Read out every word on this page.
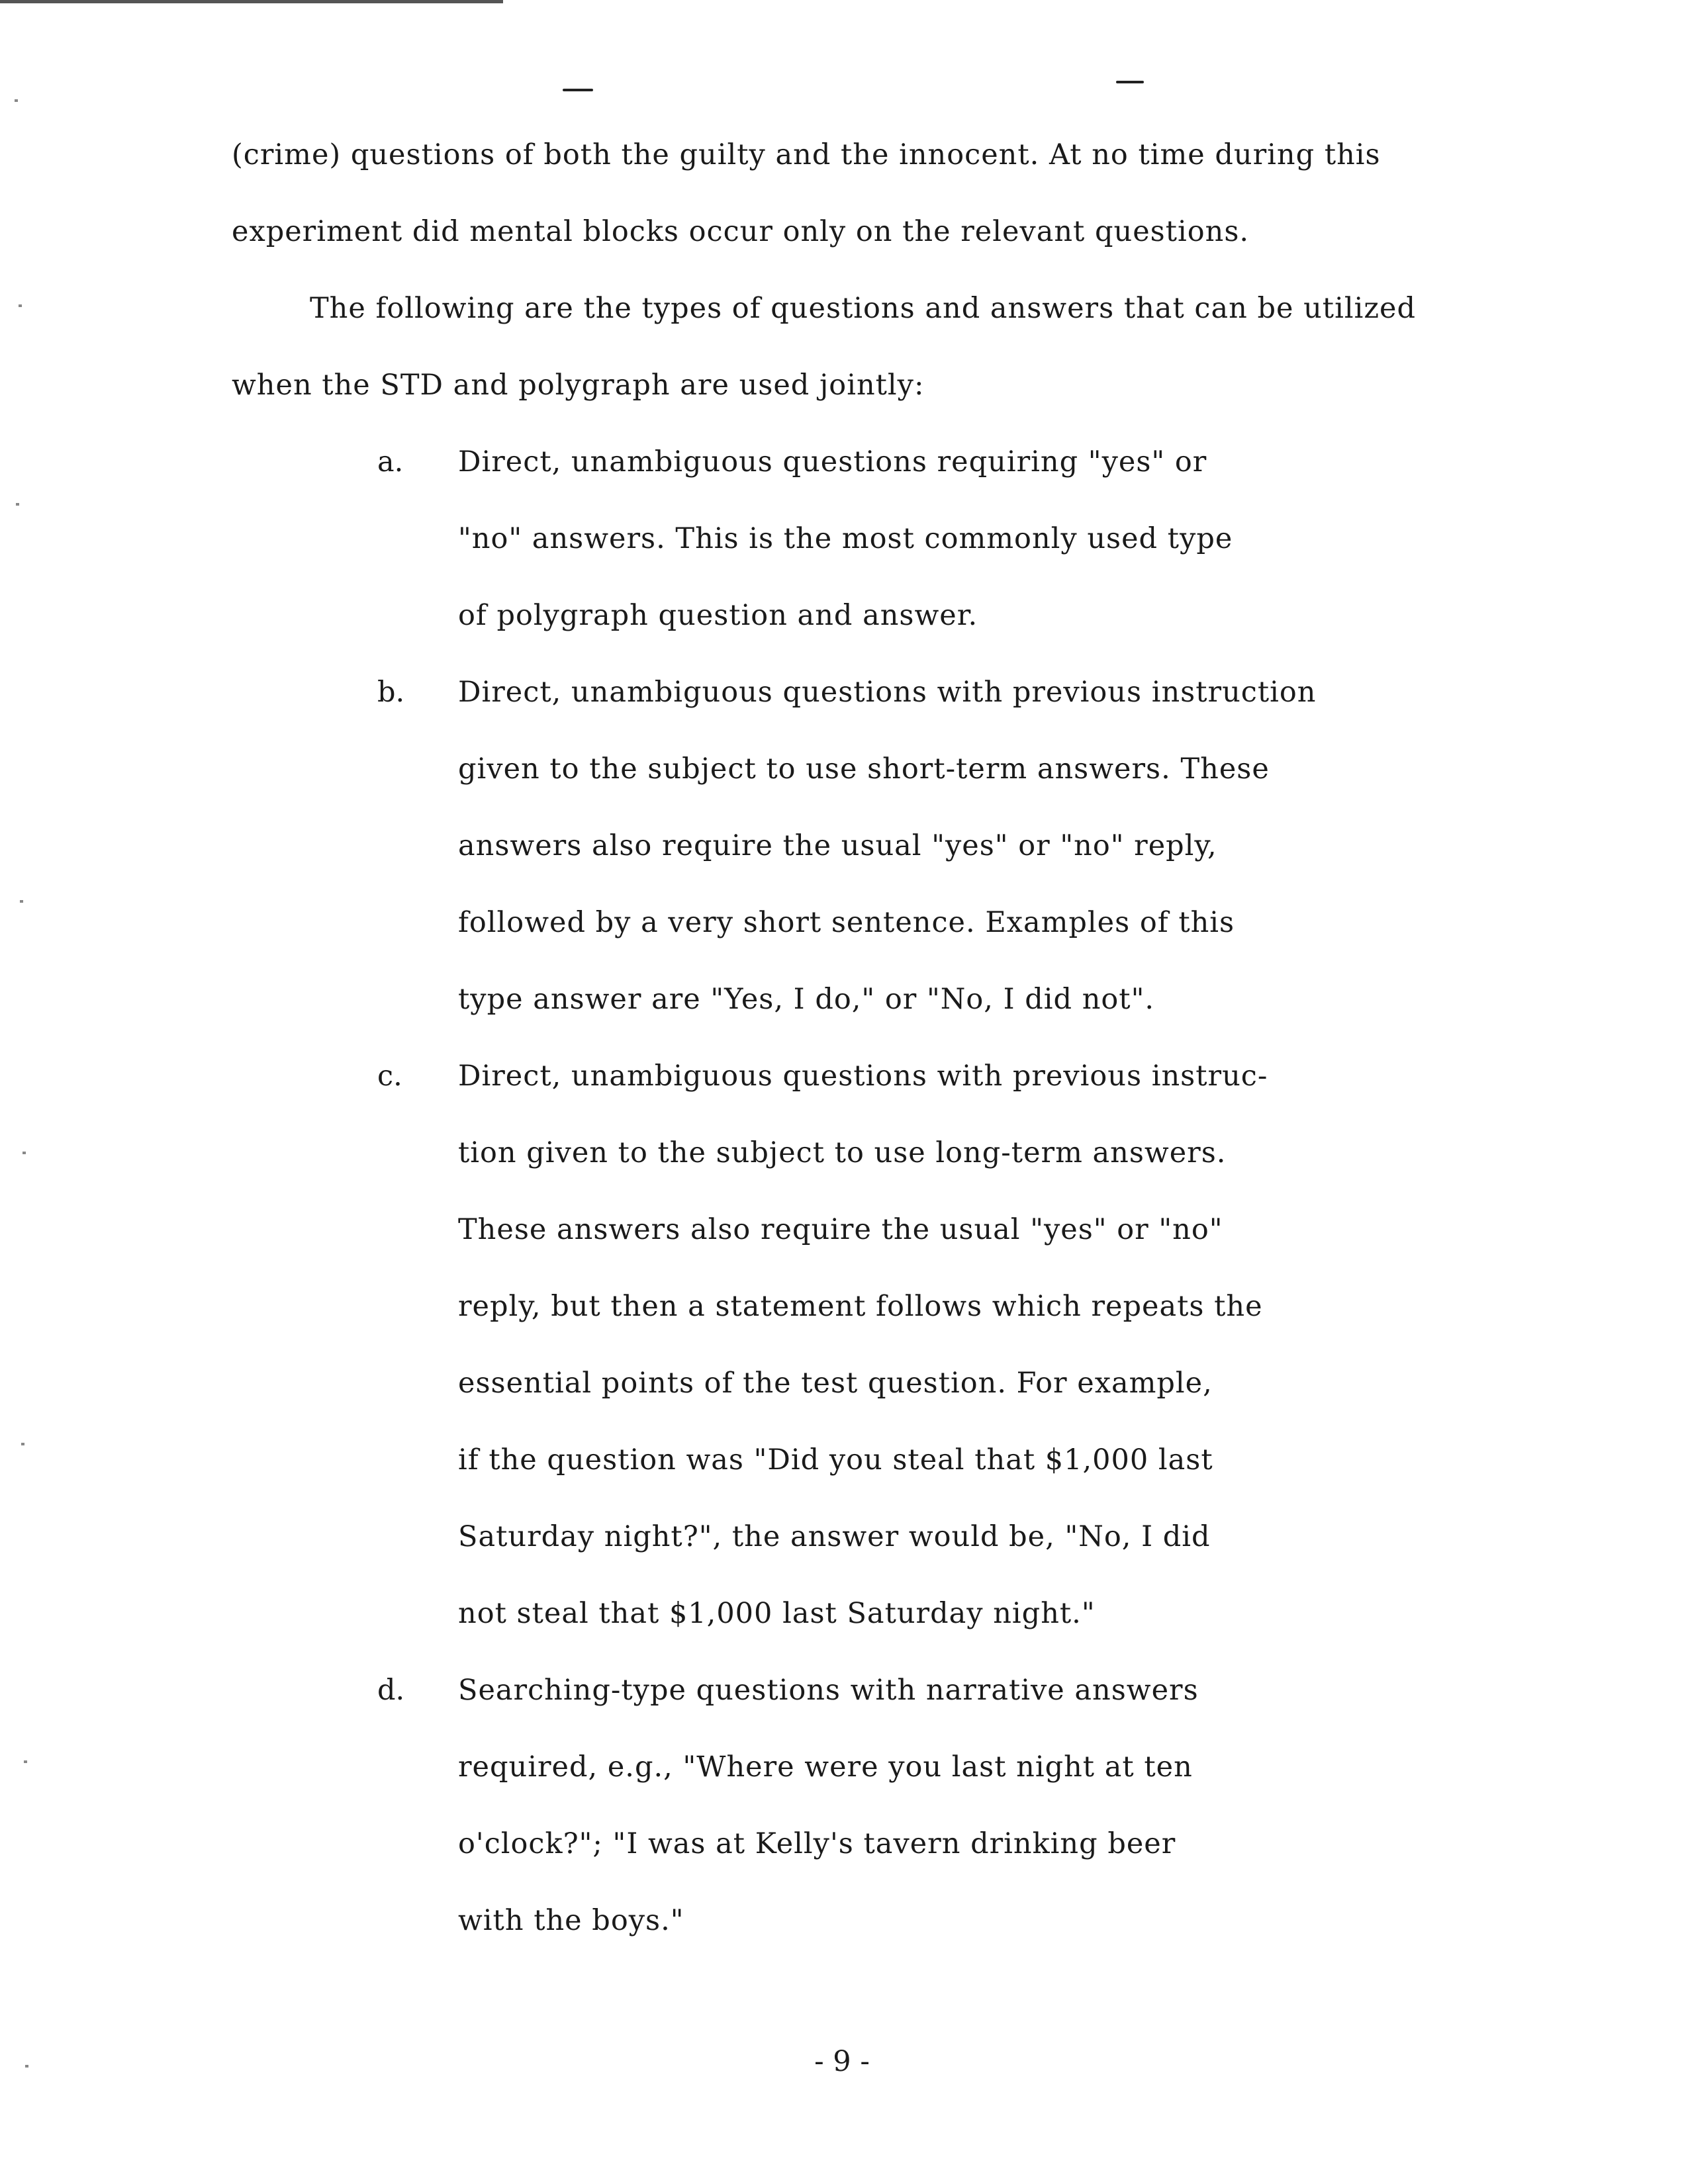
(crime) questions of both the guilty and the innocent. At no time during this
experiment did mental blocks occur only on the relevant questions.
The following are the types of questions and answers that can be utilized
when the STD and polygraph are used jointly:
a. Direct, unambiguous questions requiring "yes" or
"no" answers. This is the most commonly used type
of polygraph question and answer.
b. Direct, unambiguous questions with previous instruction
given to the subject to use short-term answers. These
answers also require the usual "yes" or "no" reply,
followed by a very short sentence. Examples of this
type answer are "Yes, I do," or "No, I did not".
c. Direct, unambiguous questions with previous instruc-
tion given to the subject to use long-term answers.
These answers also require the usual "yes" or "no"
reply, but then a statement follows which repeats the
essential points of the test question. For example,
if the question was "Did you steal that $1,000 last
Saturday night?", the answer would be, "No, I did
not steal that $1,000 last Saturday night."
d. Searching-type questions with narrative answers
required, e.g., "Where were you last night at ten
o'clock?"; "I was at Kelly's tavern drinking beer
with the boys."
- 9 -
